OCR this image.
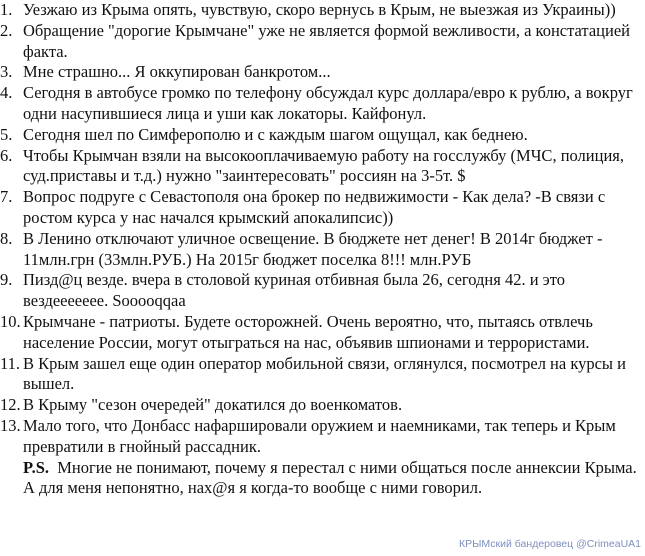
1. Уезжаю из Крыма опять, чувствую, скоро вернусь в Крым, не выезжая из Украины))
2. Обращение "дорогие Крымчане" уже не является формой вежливости, а констатацией факта.
3. Мне страшно... Я оккупирован банкротом...
4. Сегодня в автобусе громко по телефону обсуждал курс доллара/евро к рублю, а вокруг одни насупившиеся лица и уши как локаторы. Кайфонул.
5. Сегодня шел по Симферополю и с каждым шагом ощущал, как беднею.
6. Чтобы Крымчан взяли на высокооплачиваемую работу на госслужбу (МЧС, полиция, суд.приставы и т.д.) нужно "заинтересовать" россиян на 3-5т. $
7. Вопрос подруге с Севастополя она брокер по недвижимости - Как дела? -В связи с ростом курса у нас начался крымский апокалипсис))
8. В Ленино отключают уличное освещение. В бюджете нет денег! В 2014г бюджет - 11млн.грн (33млн.РУБ.) На 2015г бюджет поселка 8!!! млн.РУБ
9. Пизд@ц везде. вчера в столовой куриная отбивная была 26, сегодня 42. и это вездееееееe. Sooooqqaa
10. Крымчане - патриоты. Будете осторожней. Очень вероятно, что, пытаясь отвлечь население России, могут отыграться на нас, объявив шпионами и террористами.
11. В Крым зашел еще один оператор мобильной связи, оглянулся, посмотрел на курсы и вышел.
12. В Крыму "сезон очередей" докатился до военкоматов.
13. Мало того, что Донбасс нафаршировали оружием и наемниками, так теперь и Крым превратили в гнойный рассадник.
P.S. Многие не понимают, почему я перестал с ними общаться после аннексии Крыма. А для меня непонятно, нах@я я когда-то вообще с ними говорил.
КРЫМский бандеровец @CrimeaUA1
